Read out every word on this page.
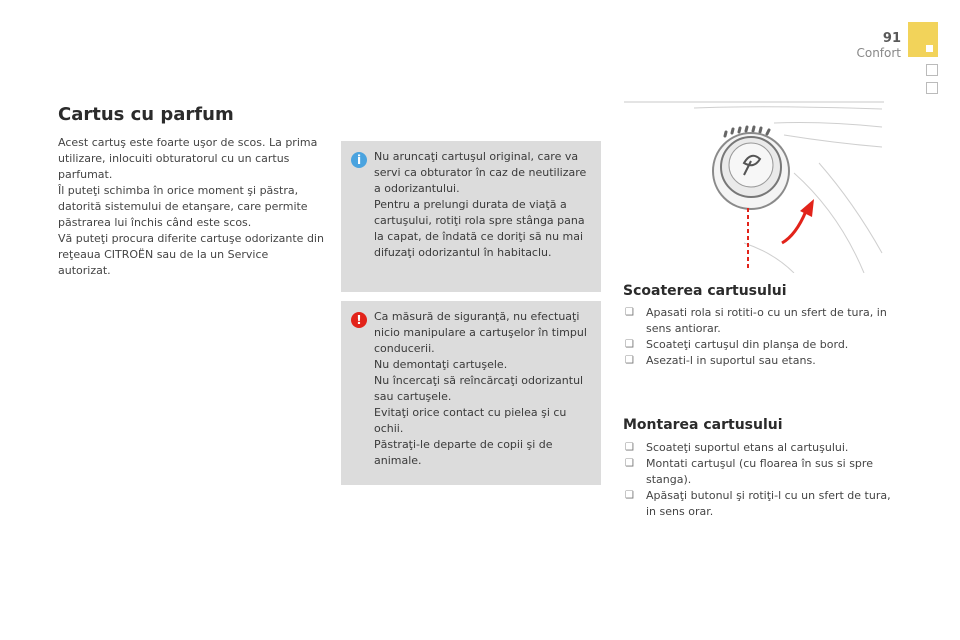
91
Confort
Cartus cu parfum

Acest cartuş este foarte uşor de scos. La prima utilizare, inlocuiti obturatorul cu un cartus parfumat.

Îl puteţi schimba în orice moment şi păstra, datorită sistemului de etanşare, care permite păstrarea lui închis când este scos.

Vă puteţi procura diferite cartuşe odorizante din reţeaua CITROËN sau de la un Service autorizat.

i	Nu aruncaţi cartuşul original, care va servi ca obturator în caz de neutilizare a odorizantului.

Pentru a prelungi durata de viaţă a cartuşului, rotiţi rola spre stânga pana la capat, de îndată ce doriţi să nu mai difuzaţi odorizantul în habitaclu.

!	Ca măsură de siguranţă, nu efectuaţi nicio manipulare a cartuşelor în timpul conducerii.

Nu demontaţi cartuşele.

Nu încercaţi să reîncărcaţi odorizantul sau cartuşele.

Evitaţi orice contact cu pielea şi cu ochii.

Păstraţi-le departe de copii şi de animale.

Scoaterea cartusului
❑ Apasati rola si rotiti-o cu un sfert de tura, in sens antiorar.
❑ Scoateţi cartuşul din planşa de bord.
❑ Asezati-l in suportul sau etans.
Montarea cartusului
❑ Scoateţi suportul etans al cartuşului.
❑ Montati cartuşul (cu floarea în sus si spre stanga).
❑ Apăsaţi butonul şi rotiţi-l cu un sfert de tura, in sens orar.
